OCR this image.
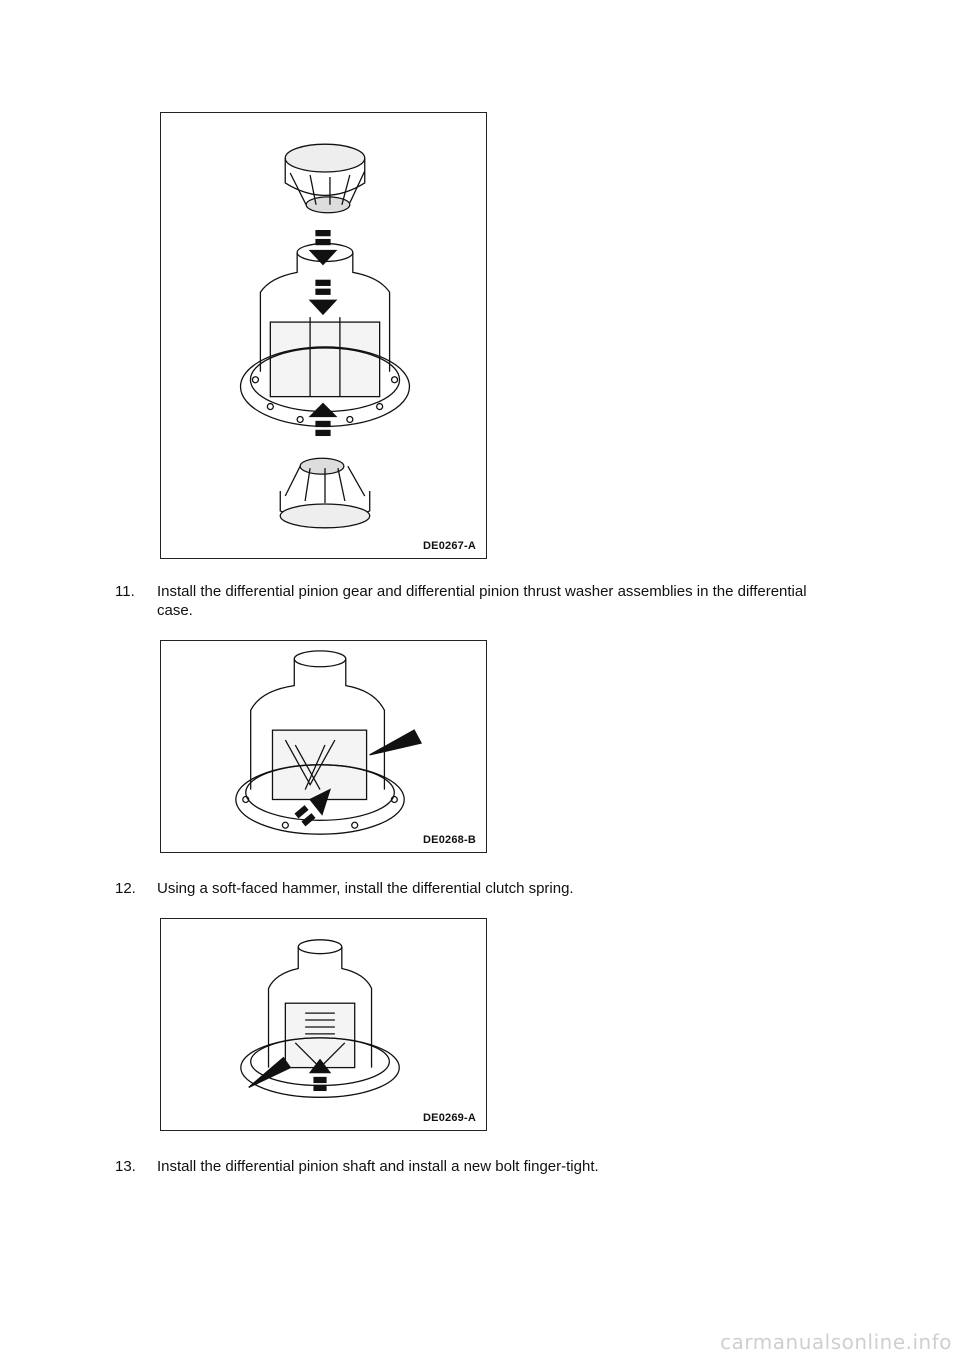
DE0267-A
11. Install the differential pinion gear and differential pinion thrust washer assemblies in the differential case.
DE0268-B
12. Using a soft-faced hammer, install the differential clutch spring.
DE0269-A
13. Install the differential pinion shaft and install a new bolt finger-tight.
carmanualsonline.info
